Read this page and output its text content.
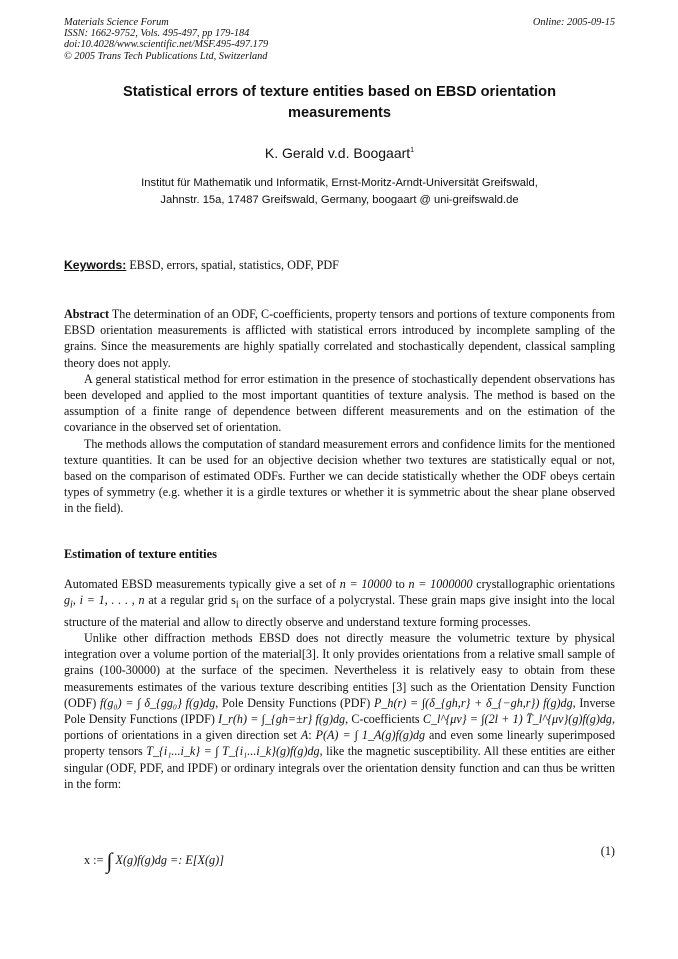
Materials Science Forum
ISSN: 1662-9752, Vols. 495-497, pp 179-184
doi:10.4028/www.scientific.net/MSF.495-497.179
© 2005 Trans Tech Publications Ltd, Switzerland
Online: 2005-09-15
Statistical errors of texture entities based on EBSD orientation
measurements
K. Gerald v.d. Boogaart$^1$
Institut für Mathematik und Informatik, Ernst-Moritz-Arndt-Universität Greifswald,
Jahnstr. 15a, 17487 Greifswald, Germany, boogaart @ uni-greifswald.de
Keywords: EBSD, errors, spatial, statistics, ODF, PDF

Abstract The determination of an ODF, C-coefficients, property tensors and portions of texture components from EBSD orientation measurements is afflicted with statistical errors introduced by incomplete sampling of the grains. Since the measurements are highly spatially correlated and stochastically dependent, classical sampling theory does not apply.

A general statistical method for error estimation in the presence of stochastically dependent observations has been developed and applied to the most important quantities of texture analysis. The method is based on the assumption of a finite range of dependence between different measurements and on the estimation of the covariance in the observed set of orientation.

The methods allows the computation of standard measurement errors and confidence limits for the mentioned texture quantities. It can be used for an objective decision whether two textures are statistically equal or not, based on the comparison of estimated ODFs. Further we can decide statistically whether the ODF obeys certain types of symmetry (e.g. whether it is a girdle textures or whether it is symmetric about the shear plane observed in the field).

Estimation of texture entities

Automated EBSD measurements typically give a set of n = 10000 to n = 1000000 crystallographic orientations $g_i$, i = 1, . . . , n at a regular grid $s_i$ on the surface of a polycrystal. These grain maps give insight into the local structure of the material and allow to directly observe and understand texture forming processes.

Unlike other diffraction methods EBSD does not directly measure the volumetric texture by physical integration over a volume portion of the material[3]. It only provides orientations from a relative small sample of grains (100-30000) at the surface of the specimen. Nevertheless it is relatively easy to obtain from these measurements estimates of the various texture describing entities [3] such as the Orientation Density Function (ODF) f(g₀) = ∫ δ_{gg₀} f(g)dg, Pole Density Functions (PDF) P_h(r) = ∫(δ_{gh,r} + δ_{−gh,r}) f(g)dg, Inverse Pole Density Functions (IPDF) I_r(h) = ∫_{gh=±r} f(g)dg, C-coefficients C_l^{μν} = ∫(2l + 1) T̈_l^{μν}(g)f(g)dg, portions of orientations in a given direction set A: P(A) = ∫ 1_A(g)f(g)dg and even some linearly superimposed property tensors T_{i₁...i_k} = ∫ T_{i₁...i_k}(g)f(g)dg, like the magnetic susceptibility. All these entities are either singular (ODF, PDF, and IPDF) or ordinary integrals over the orientation density function and can thus be written in the form:

x := ∫ X(g)f(g)dg =: E[X(g)]
(1)
